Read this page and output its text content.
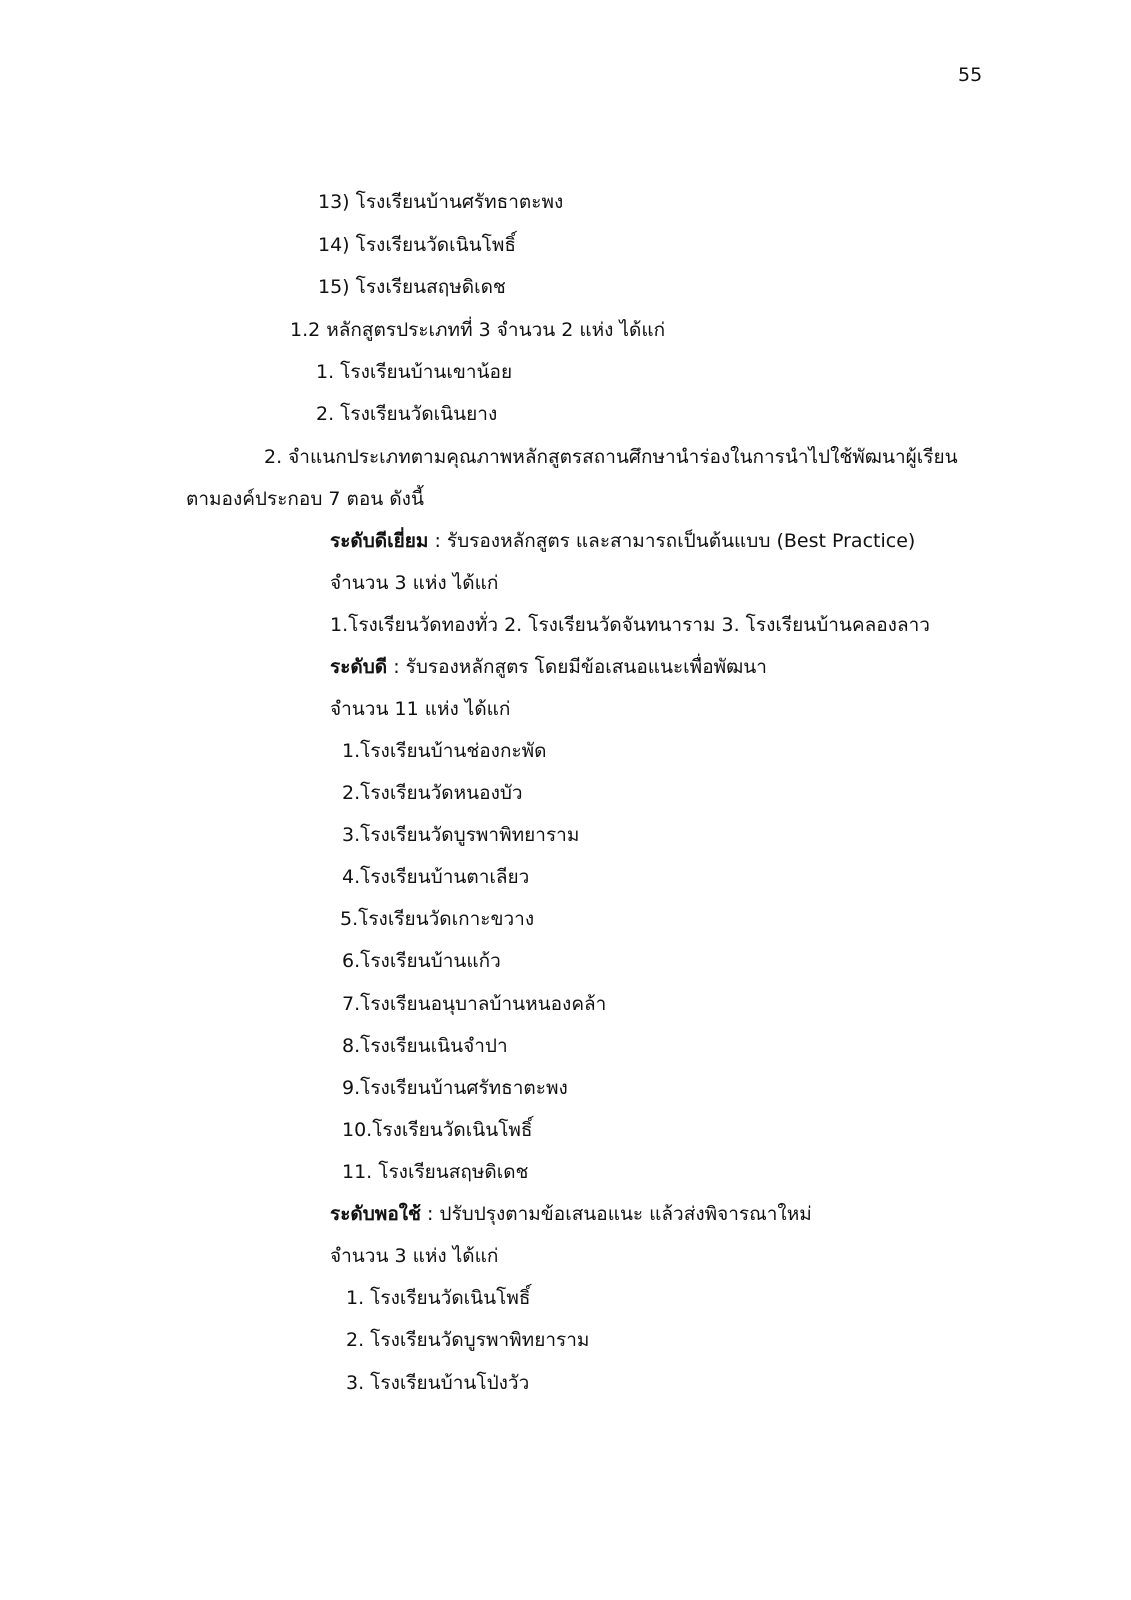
55
13) โรงเรียนบ้านศรัทธาตะพง
14) โรงเรียนวัดเนินโพธิ์
15) โรงเรียนสฤษดิเดช
1.2 หลักสูตรประเภทที่ 3 จำนวน 2 แห่ง ได้แก่
1. โรงเรียนบ้านเขาน้อย
2. โรงเรียนวัดเนินยาง
2. จำแนกประเภทตามคุณภาพหลักสูตรสถานศึกษานำร่องในการนำไปใช้พัฒนาผู้เรียน
ตามองค์ประกอบ 7 ตอน ดังนี้
ระดับดีเยี่ยม : รับรองหลักสูตร และสามารถเป็นต้นแบบ (Best Practice)
จำนวน 3 แห่ง ได้แก่
1.โรงเรียนวัดทองทั่ว 2. โรงเรียนวัดจันทนาราม 3. โรงเรียนบ้านคลองลาว
ระดับดี : รับรองหลักสูตร โดยมีข้อเสนอแนะเพื่อพัฒนา
จำนวน 11 แห่ง ได้แก่
1.โรงเรียนบ้านช่องกะพัด
2.โรงเรียนวัดหนองบัว
3.โรงเรียนวัดบูรพาพิทยาราม
4.โรงเรียนบ้านตาเลียว
5.โรงเรียนวัดเกาะขวาง
6.โรงเรียนบ้านแก้ว
7.โรงเรียนอนุบาลบ้านหนองคล้า
8.โรงเรียนเนินจำปา
9.โรงเรียนบ้านศรัทธาตะพง
10.โรงเรียนวัดเนินโพธิ์
11. โรงเรียนสฤษดิเดช
ระดับพอใช้ : ปรับปรุงตามข้อเสนอแนะ แล้วส่งพิจารณาใหม่
จำนวน 3 แห่ง ได้แก่
1. โรงเรียนวัดเนินโพธิ์
2. โรงเรียนวัดบูรพาพิทยาราม
3. โรงเรียนบ้านโป่งวัว
